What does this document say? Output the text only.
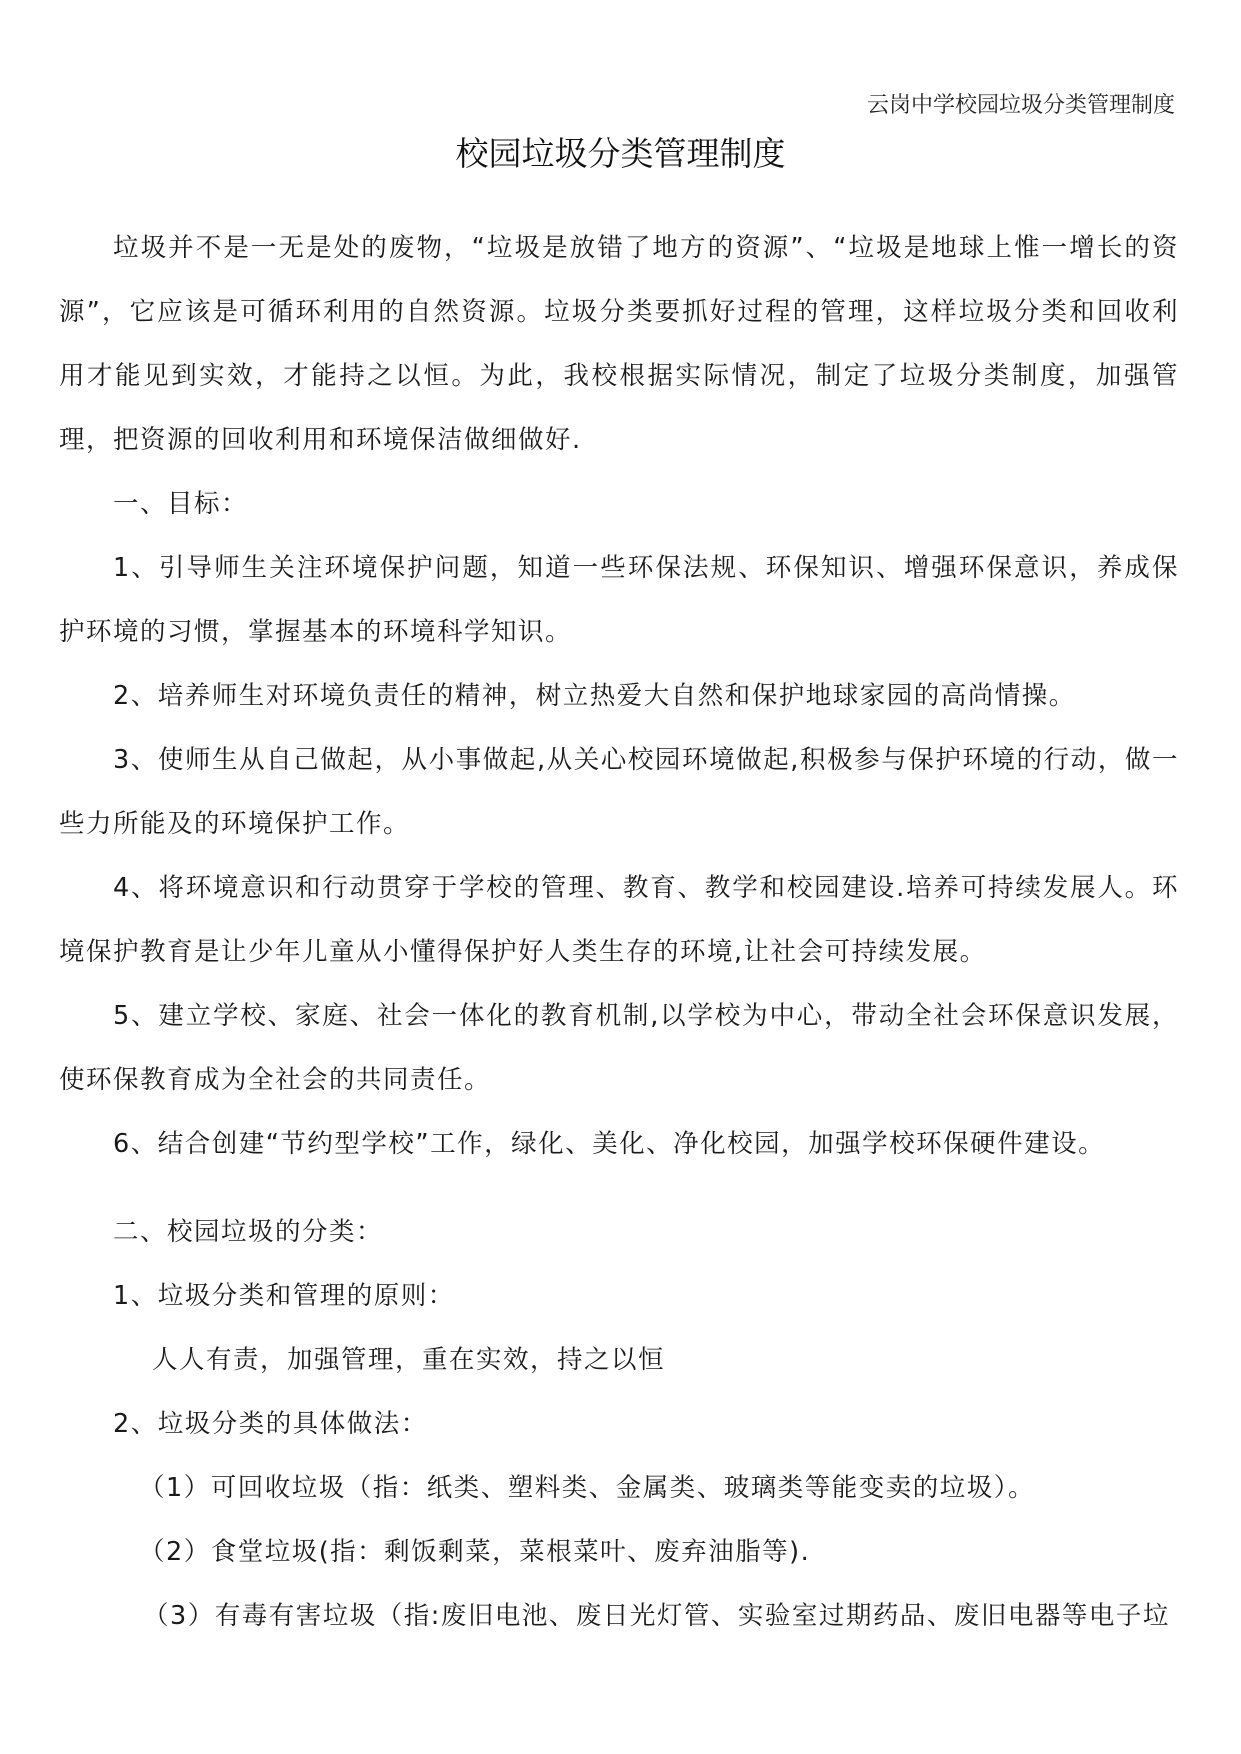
云岗中学校园垃圾分类管理制度
校园垃圾分类管理制度

垃圾并不是一无是处的废物，“垃圾是放错了地方的资源”、“垃圾是地球上惟一增长的资源”，它应该是可循环利用的自然资源。垃圾分类要抓好过程的管理，这样垃圾分类和回收利用才能见到实效，才能持之以恒。为此，我校根据实际情况，制定了垃圾分类制度，加强管理，把资源的回收利用和环境保洁做细做好.

一、目标：

1、引导师生关注环境保护问题，知道一些环保法规、环保知识、增强环保意识，养成保护环境的习惯，掌握基本的环境科学知识。

2、培养师生对环境负责任的精神，树立热爱大自然和保护地球家园的高尚情操。

3、使师生从自己做起，从小事做起,从关心校园环境做起,积极参与保护环境的行动，做一些力所能及的环境保护工作。

4、将环境意识和行动贯穿于学校的管理、教育、教学和校园建设.培养可持续发展人。环境保护教育是让少年儿童从小懂得保护好人类生存的环境,让社会可持续发展。

5、建立学校、家庭、社会一体化的教育机制,以学校为中心，带动全社会环保意识发展，使环保教育成为全社会的共同责任。

6、结合创建“节约型学校”工作，绿化、美化、净化校园，加强学校环保硬件建设。

二、校园垃圾的分类：

1、垃圾分类和管理的原则：

人人有责，加强管理，重在实效，持之以恒

2、垃圾分类的具体做法：

（1）可回收垃圾（指：纸类、塑料类、金属类、玻璃类等能变卖的垃圾）。

（2）食堂垃圾(指：剩饭剩菜，菜根菜叶、废弃油脂等).

（3）有毒有害垃圾（指:废旧电池、废日光灯管、实验室过期药品、废旧电器等电子垃
